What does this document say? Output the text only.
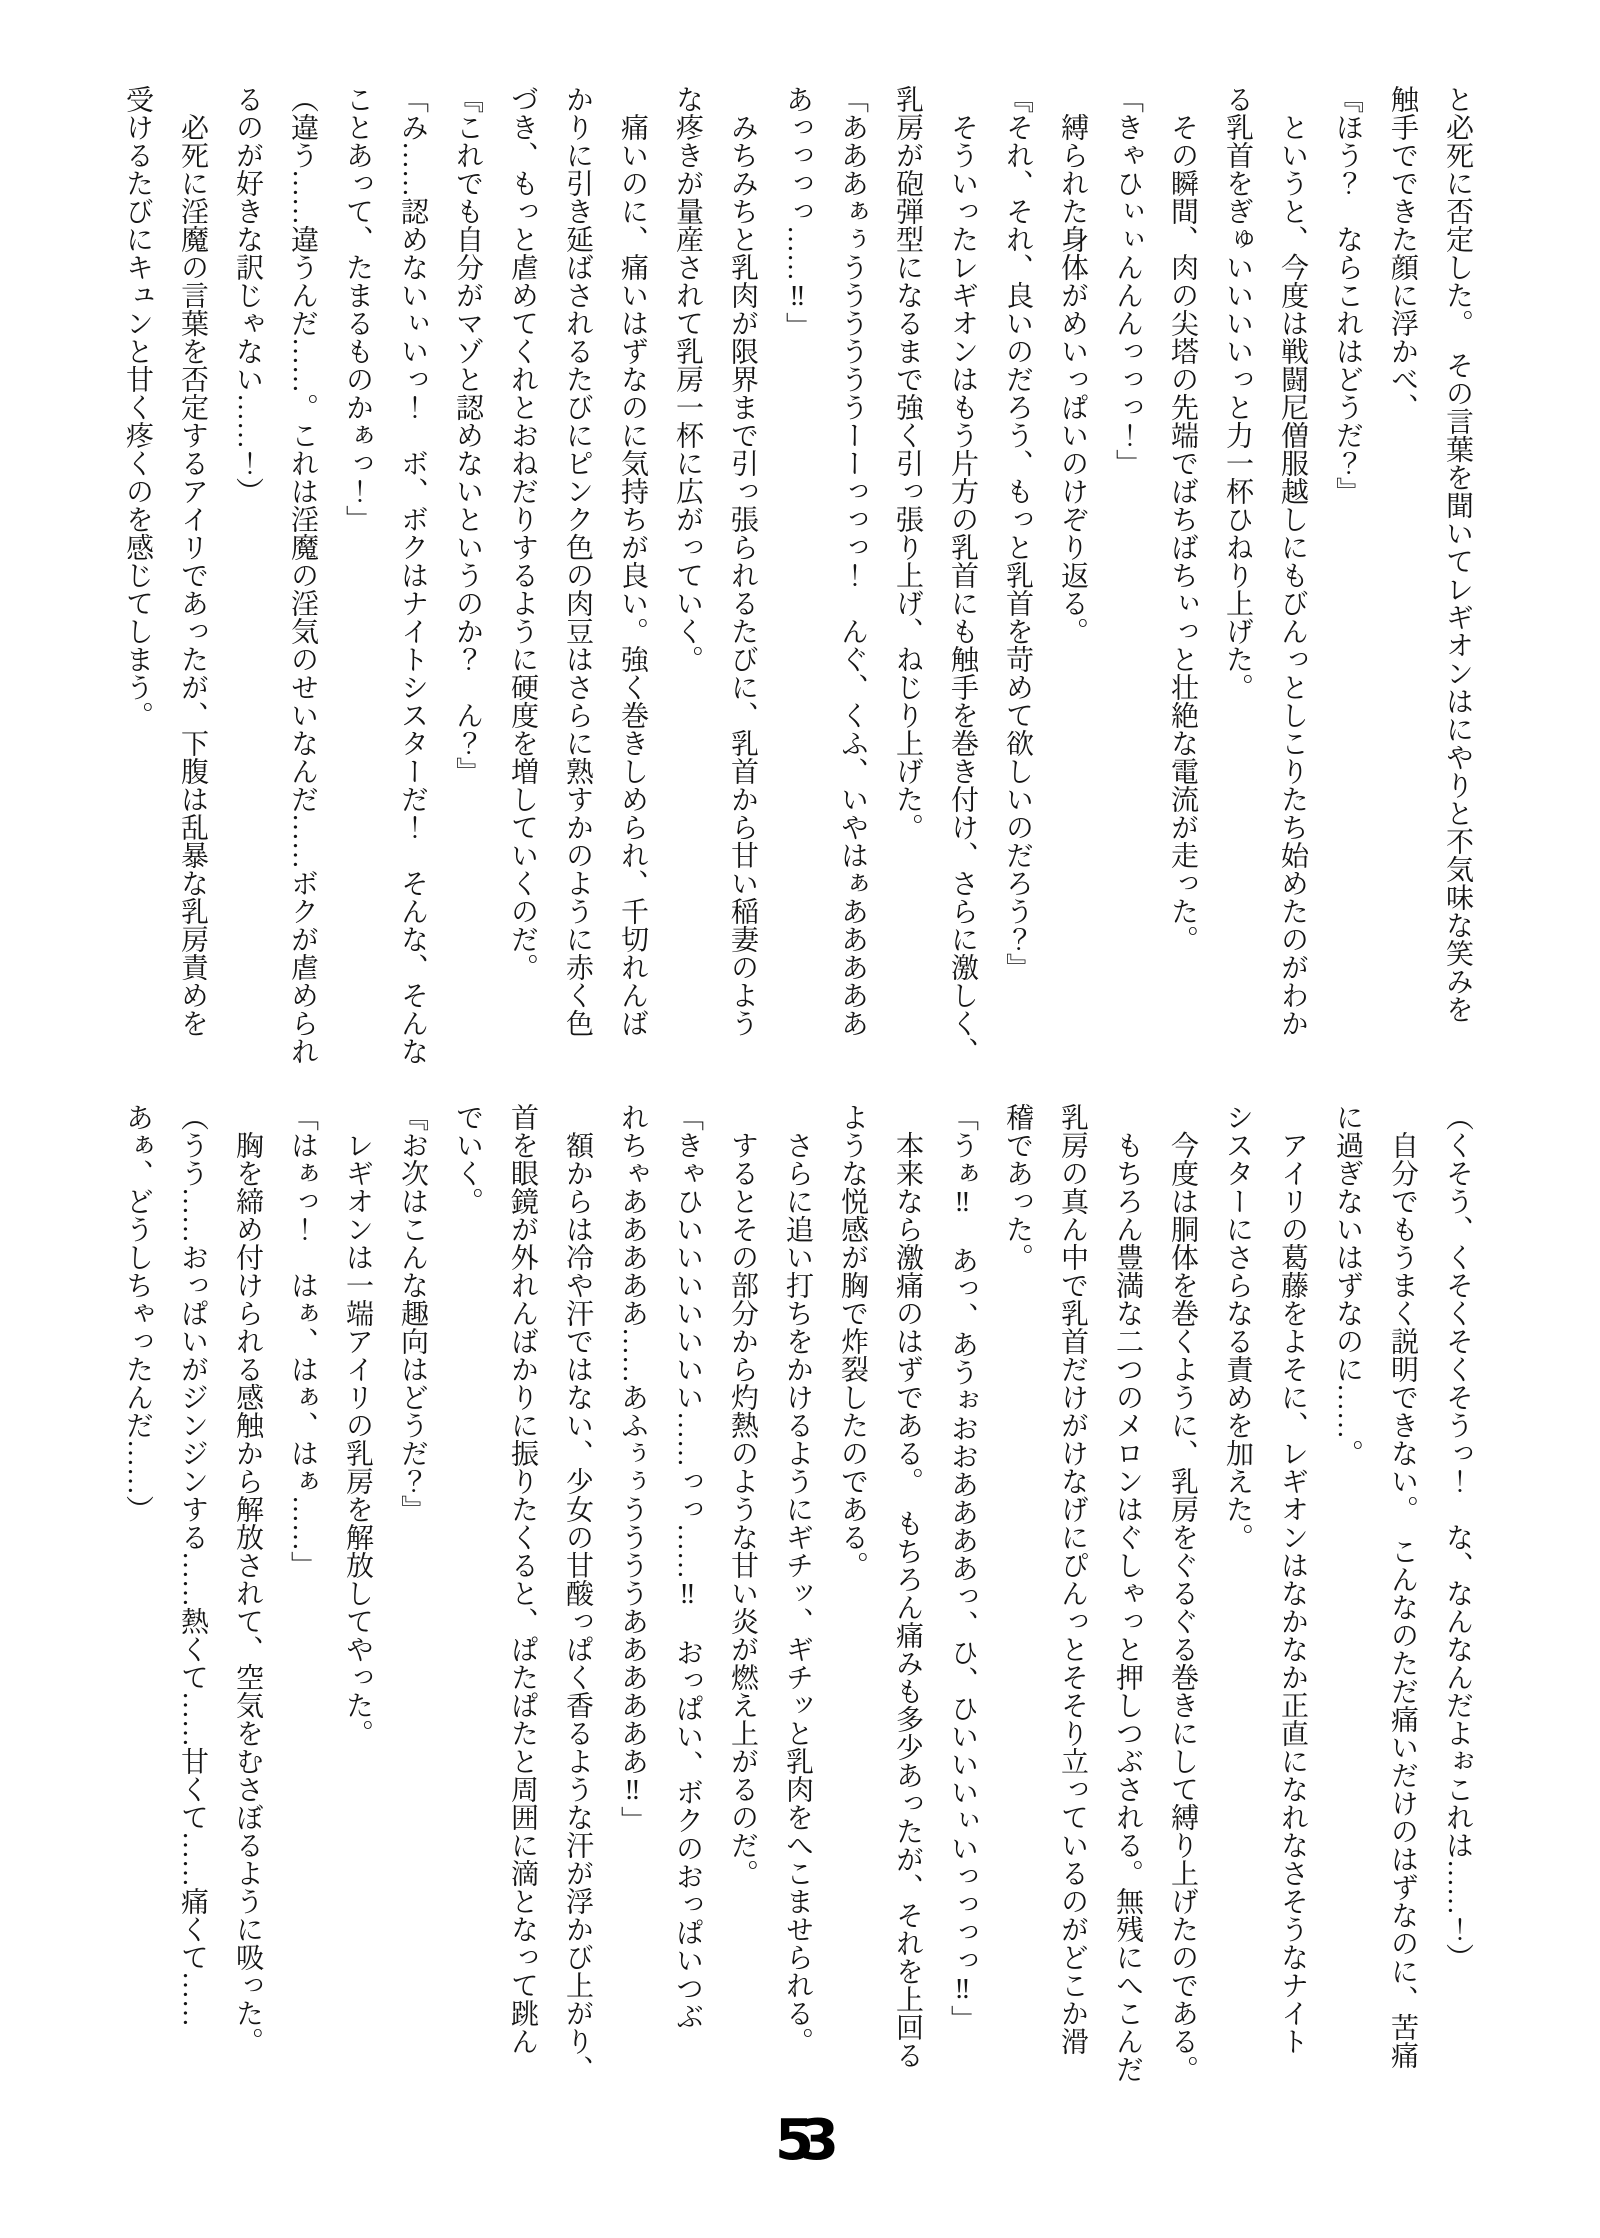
と必死に否定した。　その言葉を聞いてレギオンはにやりと不気味な笑みを

触手でできた顔に浮かべ、

『ほう？　ならこれはどうだ？』

というと、今度は戦闘尼僧服越しにもびんっとしこりたち始めたのがわか

る乳首をぎゅいいいいっと力一杯ひねり上げた。

その瞬間、肉の尖塔の先端でばちばちぃっと壮絶な電流が走った。

「きゃひぃぃんんんっっっ！」

縛られた身体がめいっぱいのけぞり返る。

『それ、それ、良いのだろう、もっと乳首を苛めて欲しいのだろう？』

そういったレギオンはもう片方の乳首にも触手を巻き付け、さらに激しく、

乳房が砲弾型になるまで強く引っ張り上げ、ねじり上げた。

「あああぁぅううううううーーっっっ！　んぐ、くふ、いやはぁあああああ

あっっっっ……‼」

みちみちと乳肉が限界まで引っ張られるたびに、乳首から甘い稲妻のよう

な疼きが量産されて乳房一杯に広がっていく。

痛いのに、痛いはずなのに気持ちが良い。強く巻きしめられ、千切れんば

かりに引き延ばされるたびにピンク色の肉豆はさらに熟すかのように赤く色

づき、もっと虐めてくれとおねだりするように硬度を増していくのだ。

『これでも自分がマゾと認めないというのか？　ん？』

「み……認めないぃいっ！　ボ、ボクはナイトシスターだ！　そんな、そんな

ことあって、たまるものかぁっ！」

（違う……違うんだ……。これは淫魔の淫気のせいなんだ……ボクが虐められ

るのが好きな訳じゃない……！）

必死に淫魔の言葉を否定するアイリであったが、下腹は乱暴な乳房責めを

受けるたびにキュンと甘く疼くのを感じてしまう。

（くそう、くそくそくそうっ！　な、なんなんだよぉこれは……！）

自分でもうまく説明できない。　こんなのただ痛いだけのはずなのに、苦痛

に過ぎないはずなのに……。

アイリの葛藤をよそに、レギオンはなかなか正直になれなさそうなナイト

シスターにさらなる責めを加えた。

今度は胴体を巻くように、乳房をぐるぐる巻きにして縛り上げたのである。

もちろん豊満な二つのメロンはぐしゃっと押しつぶされる。無残にへこんだ

乳房の真ん中で乳首だけがけなげにぴんっとそそり立っているのがどこか滑

稽であった。

「うぁ‼　あっ、あうぉおおああああっ、ひ、ひいいいぃいっっっっ‼」

本来なら激痛のはずである。　もちろん痛みも多少あったが、それを上回る

ような悦感が胸で炸裂したのである。

さらに追い打ちをかけるようにギチッ、ギチッと乳肉をへこませられる。

するとその部分から灼熱のような甘い炎が燃え上がるのだ。

「きゃひいいいいいいい……っっ……‼　おっぱい、ボクのおっぱいつぶ

れちゃあああああ……あふぅぅううううああああああ‼」

額からは冷や汗ではない、少女の甘酸っぱく香るような汗が浮かび上がり、

首を眼鏡が外れんばかりに振りたくると、ぱたぱたと周囲に滴となって跳ん

でいく。

『お次はこんな趣向はどうだ？』

レギオンは一端アイリの乳房を解放してやった。

「はぁっ！　はぁ、はぁ、はぁ……」

胸を締め付けられる感触から解放されて、空気をむさぼるように吸った。

（うう……おっぱいがジンジンする……熱くて……甘くて……痛くて……

あぁ、どうしちゃったんだ……）

53
